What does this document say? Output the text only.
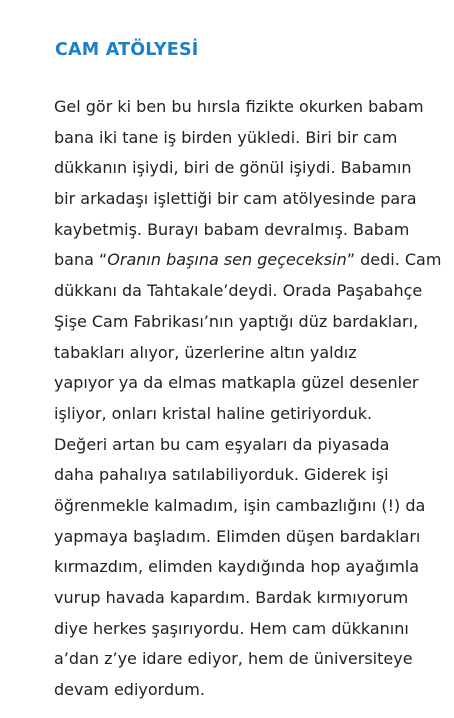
CAM ATÖLYESİ
Gel gör ki ben bu hırsla fizikte okurken babam
bana iki tane iş birden yükledi. Biri bir cam
dükkanın işiydi, biri de gönül işiydi. Babamın
bir arkadaşı işlettiği bir cam atölyesinde para
kaybetmiş. Burayı babam devralmış. Babam
bana “Oranın başına sen geçeceksin” dedi. Cam
dükkanı da Tahtakale’deydi. Orada Paşabahçe
Şişe Cam Fabrikası’nın yaptığı düz bardakları,
tabakları alıyor, üzerlerine altın yaldız
yapıyor ya da elmas matkapla güzel desenler
işliyor, onları kristal haline getiriyorduk.
Değeri artan bu cam eşyaları da piyasada
daha pahalıya satılabiliyorduk. Giderek işi
öğrenmekle kalmadım, işin cambazlığını (!) da
yapmaya başladım. Elimden düşen bardakları
kırmazdım, elimden kaydığında hop ayağımla
vurup havada kapardım. Bardak kırmıyorum
diye herkes şaşırıyordu. Hem cam dükkanını
a’dan z’ye idare ediyor, hem de üniversiteye
devam ediyordum.
